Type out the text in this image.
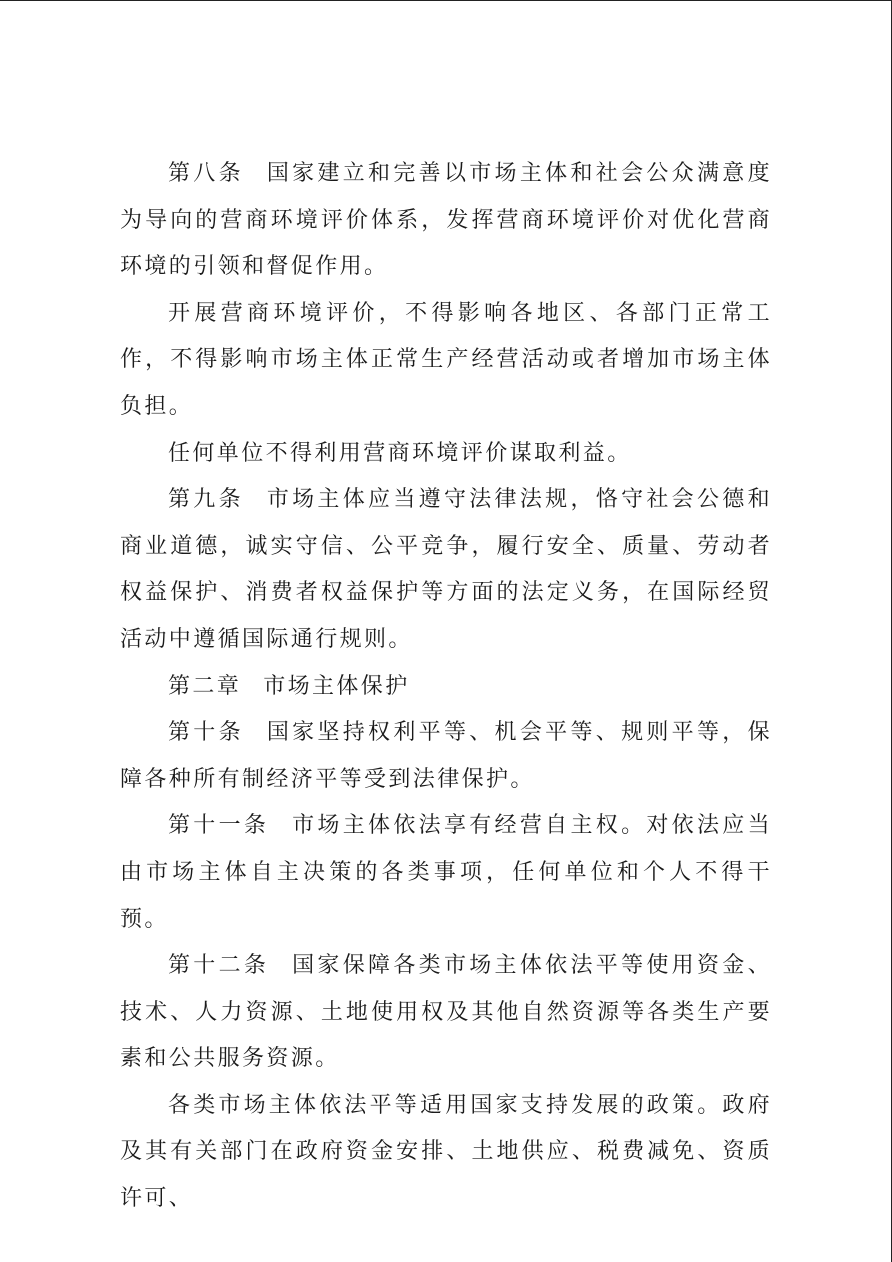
第八条 国家建立和完善以市场主体和社会公众满意度为导向的营商环境评价体系，发挥营商环境评价对优化营商环境的引领和督促作用。

开展营商环境评价，不得影响各地区、各部门正常工作，不得影响市场主体正常生产经营活动或者增加市场主体负担。

任何单位不得利用营商环境评价谋取利益。

第九条 市场主体应当遵守法律法规，恪守社会公德和商业道德，诚实守信、公平竞争，履行安全、质量、劳动者权益保护、消费者权益保护等方面的法定义务，在国际经贸活动中遵循国际通行规则。

第二章 市场主体保护

第十条 国家坚持权利平等、机会平等、规则平等，保障各种所有制经济平等受到法律保护。

第十一条 市场主体依法享有经营自主权。对依法应当由市场主体自主决策的各类事项，任何单位和个人不得干预。

第十二条 国家保障各类市场主体依法平等使用资金、技术、人力资源、土地使用权及其他自然资源等各类生产要素和公共服务资源。

各类市场主体依法平等适用国家支持发展的政策。政府及其有关部门在政府资金安排、土地供应、税费减免、资质许可、
